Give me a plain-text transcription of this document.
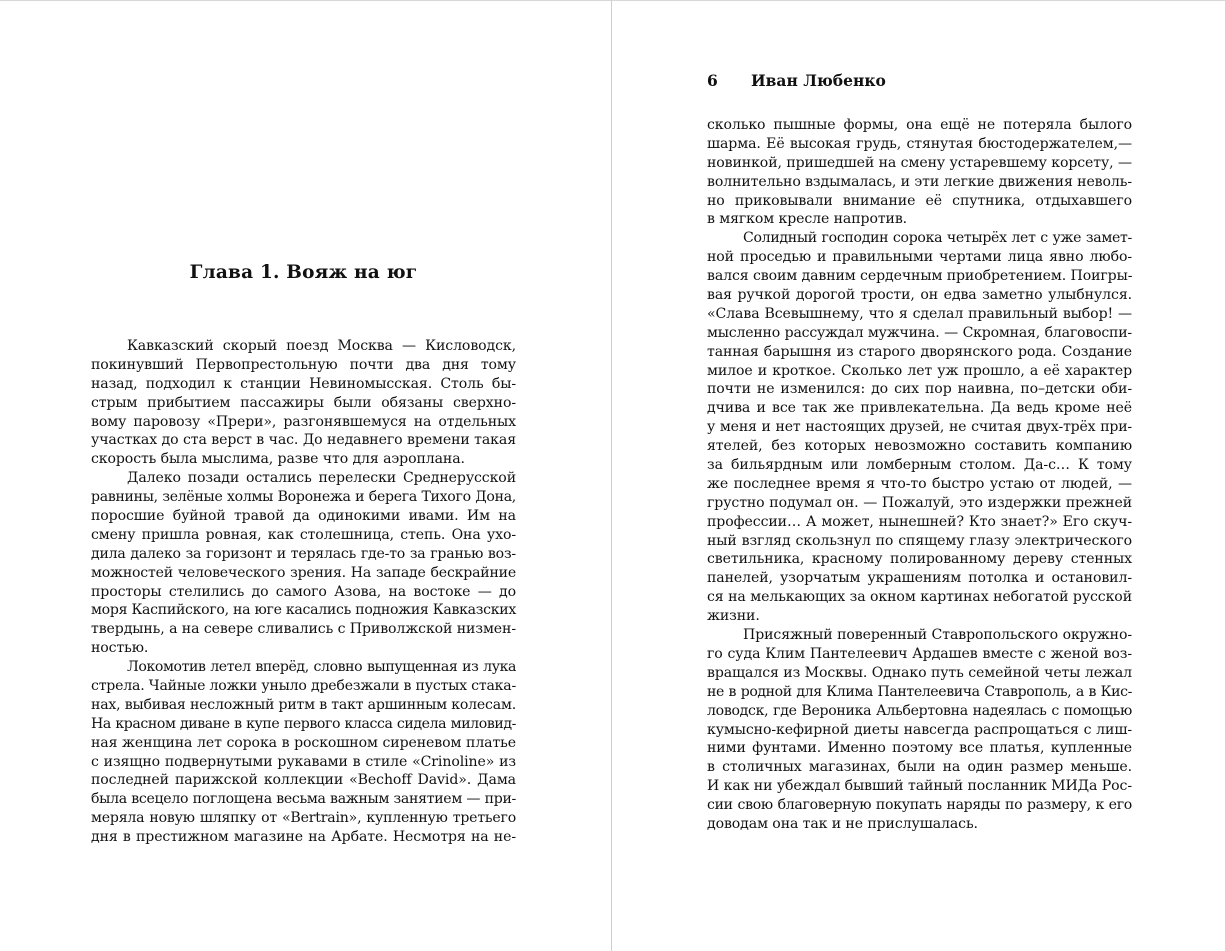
Глава 1. Вояж на юг
Кавказский скорый поезд Москва — Кисловодск,
покинувший Первопрестольную почти два дня тому
назад, подходил к станции Невиномысская. Столь бы-
стрым прибытием пассажиры были обязаны сверхно-
вому паровозу «Прери», разгонявшемуся на отдельных
участках до ста верст в час. До недавнего времени такая
скорость была мыслима, разве что для аэроплана.
Далеко позади остались перелески Среднерусской
равнины, зелёные холмы Воронежа и берега Тихого Дона,
поросшие буйной травой да одинокими ивами. Им на
смену пришла ровная, как столешница, степь. Она ухо-
дила далеко за горизонт и терялась где-то за гранью воз-
можностей человеческого зрения. На западе бескрайние
просторы стелились до самого Азова, на востоке — до
моря Каспийского, на юге касались подножия Кавказских
твердынь, а на севере сливались с Приволжской низмен-
ностью.
Локомотив летел вперёд, словно выпущенная из лука
стрела. Чайные ложки уныло дребезжали в пустых стака-
нах, выбивая несложный ритм в такт аршинным колесам.
На красном диване в купе первого класса сидела миловид-
ная женщина лет сорока в роскошном сиреневом платье
с изящно подвернутыми рукавами в стиле «Crinoline» из
последней парижской коллекции «Bechoff David». Дама
была всецело поглощена весьма важным занятием — при-
меряла новую шляпку от «Bertrain», купленную третьего
дня в престижном магазине на Арбате. Несмотря на не-
6 Иван Любенко
сколько пышные формы, она ещё не потеряла былого
шарма. Её высокая грудь, стянутая бюстодержателем,—
новинкой, пришедшей на смену устаревшему корсету, —
волнительно вздымалась, и эти легкие движения неволь-
но приковывали внимание её спутника, отдыхавшего
в мягком кресле напротив.
Солидный господин сорока четырёх лет с уже замет-
ной проседью и правильными чертами лица явно любо-
вался своим давним сердечным приобретением. Поигры-
вая ручкой дорогой трости, он едва заметно улыбнулся.
«Слава Всевышнему, что я сделал правильный выбор! —
мысленно рассуждал мужчина. — Скромная, благовоспи-
танная барышня из старого дворянского рода. Создание
милое и кроткое. Сколько лет уж прошло, а её характер
почти не изменился: до сих пор наивна, по–детски оби-
дчива и все так же привлекательна. Да ведь кроме неё
у меня и нет настоящих друзей, не считая двух-трёх при-
ятелей, без которых невозможно составить компанию
за бильярдным или ломберным столом. Да-с… К тому
же последнее время я что-то быстро устаю от людей, —
грустно подумал он. — Пожалуй, это издержки прежней
профессии… А может, нынешней? Кто знает?» Его скуч-
ный взгляд скользнул по спящему глазу электрического
светильника, красному полированному дереву стенных
панелей, узорчатым украшениям потолка и остановил-
ся на мелькающих за окном картинах небогатой русской
жизни.
Присяжный поверенный Ставропольского окружно-
го суда Клим Пантелеевич Ардашев вместе с женой воз-
вращался из Москвы. Однако путь семейной четы лежал
не в родной для Клима Пантелеевича Ставрополь, а в Кис-
ловодск, где Вероника Альбертовна надеялась с помощью
кумысно-кефирной диеты навсегда распрощаться с лиш-
ними фунтами. Именно поэтому все платья, купленные
в столичных магазинах, были на один размер меньше.
И как ни убеждал бывший тайный посланник МИДа Рос-
сии свою благоверную покупать наряды по размеру, к его
доводам она так и не прислушалась.
